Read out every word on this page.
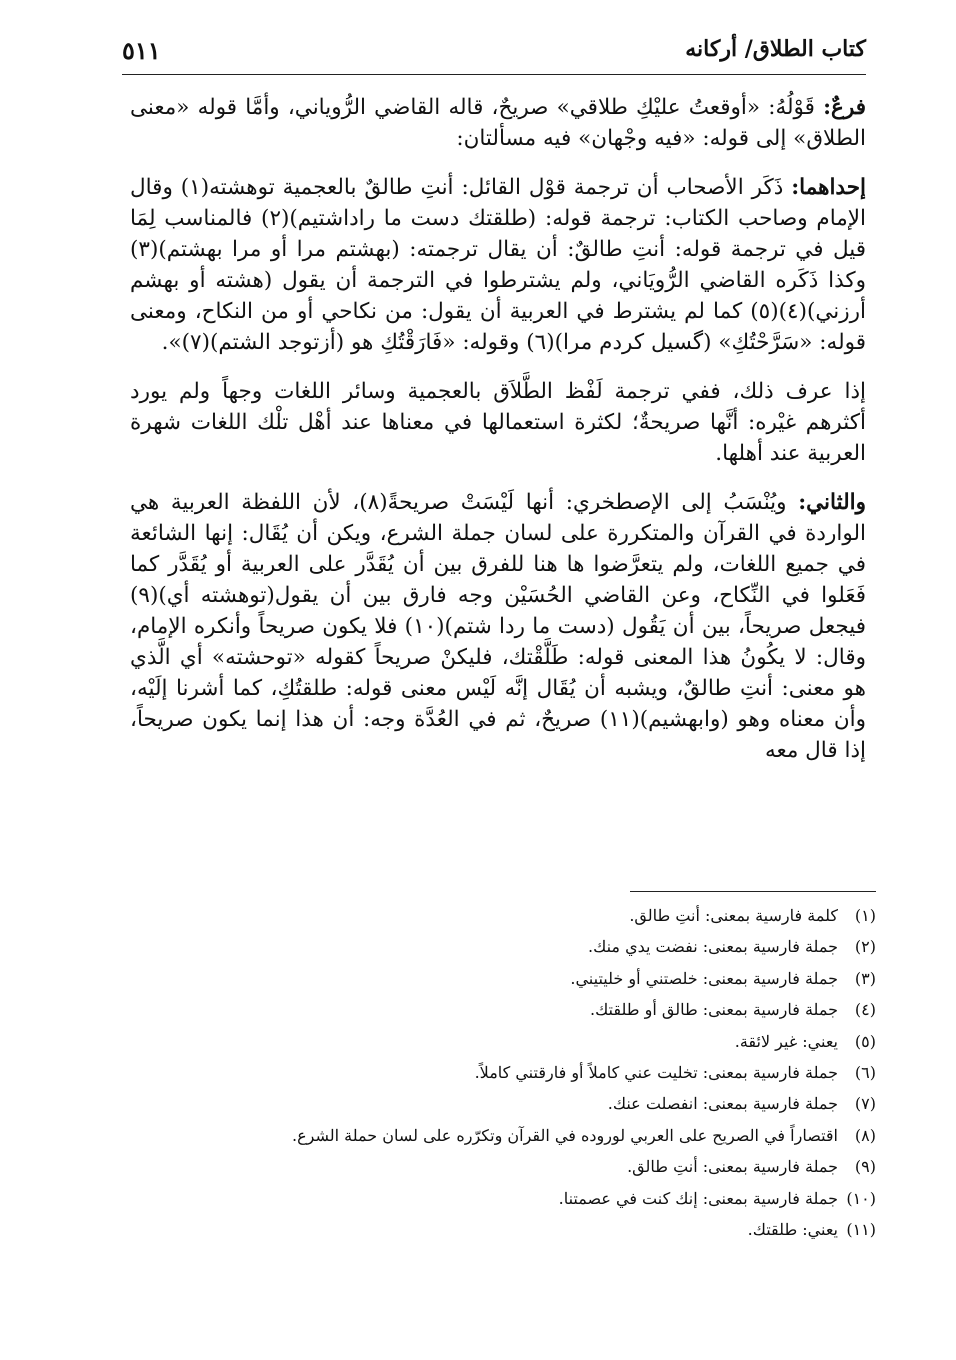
٥١١	كتاب الطلاق/ أركانه

فرعٌ: قَوْلُهُ: «أوقعتُ عليْكِ طلاقي» صريحٌ، قاله القاضي الرُّوياني، وأمَّا قوله «معنى الطلاق» إلى قوله: «فيه وجْهان» فيه مسألتان:

إحداهما: ذَكَر الأصحاب أن ترجمة قوْل القائل: أنتِ طالقٌ بالعجمية توهشته(١) وقال الإمام وصاحب الكتاب: ترجمة قوله: (طلقتك دست ما راداشتيم)(٢) فالمناسب لِمَا قيل في ترجمة قوله: أنتِ طالقٌ: أن يقال ترجمته: (بهشتم مرا أو مرا بهشتم)(٣) وكذا ذَكَره القاضي الرُّويَاني، ولم يشترطوا في الترجمة أن يقول (هشته أو بهشم أرزني)(٤)(٥) كما لم يشترط في العربية أن يقول: من نكاحي أو من النكاح، ومعنى قوله: «سَرَّحْتُكِ» (گسيل كردم مرا)(٦) وقوله: «فَارَقْتُكِ هو (أزتوجد الشتم)(٧)».

إذا عرف ذلك، ففي ترجمة لَفْظ الطَّلاَق بالعجمية وسائر اللغات وجهاً ولم يورد أكثرهم غيْره: أنَّها صريحةٌ؛ لكثرة استعمالها في معناها عند أهْل تلْك اللغات شهرة العربية عند أهلها.

والثاني: ويُنْسَبُ إلى الإصطخري: أنها لَيْسَتْ صريحةً(٨)، لأن اللفظة العربية هي الواردة في القرآن والمتكررة على لسان جملة الشرع، ويكن أن يُقَال: إنها الشائعة في جميع اللغات، ولم يتعرَّضوا ها هنا للفرق بين أن يُقَدَّر على العربية أو يُقَدَّر كما فَعَلوا في النِّكاح، وعن القاضي الحُسَيْن وجه فارق بين أن يقول(توهشته أي)(٩) فيجعل صريحاً، بين أن يَقُول (دست ما ردا شتم)(١٠) فلا يكون صريحاً وأنكره الإمام، وقال: لا يكُونُ هذا المعنى قوله: طَلَّقْتك، فليكنْ صريحاً كقوله «توحشته» أي الَّذي هو معنى: أنتِ طالقٌ، ويشبه أن يُقَال إنَّه لَيْس معنى قوله: طلقتُكِ، كما أشرنا إلَيْه، وأن معناه وهو (وابهشيم)(١١) صريحٌ، ثم في العُدَّة وجه: أن هذا إنما يكون صريحاً، إذا قال معه

(١)كلمة فارسية بمعنى: أنتِ طالق.
(٢)جملة فارسية بمعنى: نفضت يدي منك.
(٣)جملة فارسية بمعنى: خلصتني أو خليتيني.
(٤)جملة فارسية بمعنى: طالق أو طلقتك.
(٥)يعني: غير لائقة.
(٦)جملة فارسية بمعنى: تخليت عني كاملاً أو فارقتني كاملاً.
(٧)جملة فارسية بمعنى: انفصلت عنك.
(٨)اقتصاراً في الصريح على العربي لوروده في القرآن وتكرّره على لسان حملة الشرع.
(٩)جملة فارسية بمعنى: أنتِ طالق.
(١٠)جملة فارسية بمعنى: إنك كنت في عصمتنا.
(١١)يعني: طلقتك.
